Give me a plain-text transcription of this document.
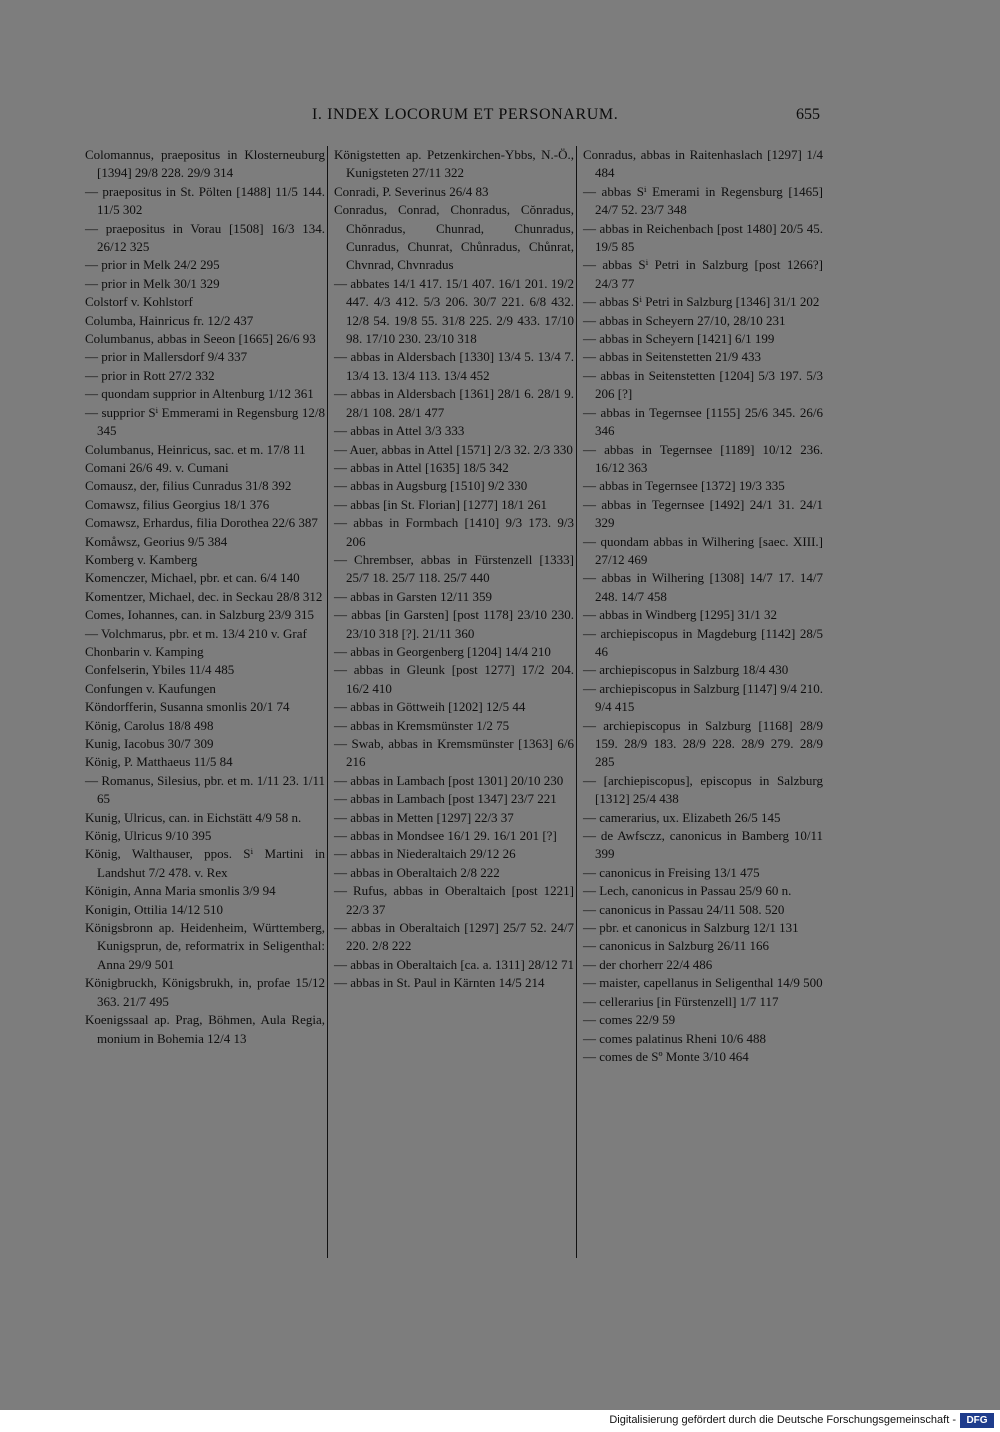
I. INDEX LOCORUM ET PERSONARUM.	655

Colomannus, praepositus in Klosterneuburg [1394] 29/8 228. 29/9 314

— praepositus in St. Pölten [1488] 11/5 144. 11/5 302

— praepositus in Vorau [1508] 16/3 134. 26/12 325

— prior in Melk 24/2 295

— prior in Melk 30/1 329

Colstorf v. Kohlstorf

Columba, Hainricus fr. 12/2 437

Columbanus, abbas in Seeon [1665] 26/6 93

— prior in Mallersdorf 9/4 337

— prior in Rott 27/2 332

— quondam supprior in Altenburg 1/12 361

— supprior Sⁱ Emmerami in Regensburg 12/8 345

Columbanus, Heinricus, sac. et m. 17/8 11

Comani 26/6 49. v. Cumani

Comausz, der, filius Cunradus 31/8 392

Comawsz, filius Georgius 18/1 376

Comawsz, Erhardus, filia Dorothea 22/6 387

Komåwsz, Georius 9/5 384

Komberg v. Kamberg

Komenczer, Michael, pbr. et can. 6/4 140

Komentzer, Michael, dec. in Seckau 28/8 312

Comes, Iohannes, can. in Salzburg 23/9 315

— Volchmarus, pbr. et m. 13/4 210 v. Graf

Chonbarin v. Kamping

Confelserin, Ybiles 11/4 485

Confungen v. Kaufungen

Köndorfferin, Susanna smonlis 20/1 74

König, Carolus 18/8 498

Kunig, Iacobus 30/7 309

König, P. Matthaeus 11/5 84

— Romanus, Silesius, pbr. et m. 1/11 23. 1/11 65

Kunig, Ulricus, can. in Eichstätt 4/9 58 n.

König, Ulricus 9/10 395

König, Walthauser, ppos. Sⁱ Martini in Landshut 7/2 478. v. Rex

Königin, Anna Maria smonlis 3/9 94

Konigin, Ottilia 14/12 510

Königsbronn ap. Heidenheim, Württemberg, Kunigsprun, de, reformatrix in Seligenthal: Anna 29/9 501

Königbruckh, Königsbrukh, in, profae 15/12 363. 21/7 495

Koenigssaal ap. Prag, Böhmen, Aula Regia, monium in Bohemia 12/4 13

Königstetten ap. Petzenkirchen-Ybbs, N.-Ö., Kunigsteten 27/11 322

Conradi, P. Severinus 26/4 83

Conradus, Conrad, Chonradus, Cŏnradus, Chŏnradus, Chunrad, Chunradus, Cunradus, Chunrat, Chůnradus, Chůnrat, Chvnrad, Chvnradus

— abbates 14/1 417. 15/1 407. 16/1 201. 19/2 447. 4/3 412. 5/3 206. 30/7 221. 6/8 432. 12/8 54. 19/8 55. 31/8 225. 2/9 433. 17/10 98. 17/10 230. 23/10 318

— abbas in Aldersbach [1330] 13/4 5. 13/4 7. 13/4 13. 13/4 113. 13/4 452

— abbas in Aldersbach [1361] 28/1 6. 28/1 9. 28/1 108. 28/1 477

— abbas in Attel 3/3 333

— Auer, abbas in Attel [1571] 2/3 32. 2/3 330

— abbas in Attel [1635] 18/5 342

— abbas in Augsburg [1510] 9/2 330

— abbas [in St. Florian] [1277] 18/1 261

— abbas in Formbach [1410] 9/3 173. 9/3 206

— Chrembser, abbas in Fürstenzell [1333] 25/7 18. 25/7 118. 25/7 440

— abbas in Garsten 12/11 359

— abbas [in Garsten] [post 1178] 23/10 230. 23/10 318 [?]. 21/11 360

— abbas in Georgenberg [1204] 14/4 210

— abbas in Gleunk [post 1277] 17/2 204. 16/2 410

— abbas in Göttweih [1202] 12/5 44

— abbas in Kremsmünster 1/2 75

— Swab, abbas in Kremsmünster [1363] 6/6 216

— abbas in Lambach [post 1301] 20/10 230

— abbas in Lambach [post 1347] 23/7 221

— abbas in Metten [1297] 22/3 37

— abbas in Mondsee 16/1 29. 16/1 201 [?]

— abbas in Niederaltaich 29/12 26

— abbas in Oberaltaich 2/8 222

— Rufus, abbas in Oberaltaich [post 1221] 22/3 37

— abbas in Oberaltaich [1297] 25/7 52. 24/7 220. 2/8 222

— abbas in Oberaltaich [ca. a. 1311] 28/12 71

— abbas in St. Paul in Kärnten 14/5 214

Conradus, abbas in Raitenhaslach [1297] 1/4 484

— abbas Sⁱ Emerami in Regensburg [1465] 24/7 52. 23/7 348

— abbas in Reichenbach [post 1480] 20/5 45. 19/5 85

— abbas Sⁱ Petri in Salzburg [post 1266?] 24/3 77

— abbas Sⁱ Petri in Salzburg [1346] 31/1 202

— abbas in Scheyern 27/10, 28/10 231

— abbas in Scheyern [1421] 6/1 199

— abbas in Seitenstetten 21/9 433

— abbas in Seitenstetten [1204] 5/3 197. 5/3 206 [?]

— abbas in Tegernsee [1155] 25/6 345. 26/6 346

— abbas in Tegernsee [1189] 10/12 236. 16/12 363

— abbas in Tegernsee [1372] 19/3 335

— abbas in Tegernsee [1492] 24/1 31. 24/1 329

— quondam abbas in Wilhering [saec. XIII.] 27/12 469

— abbas in Wilhering [1308] 14/7 17. 14/7 248. 14/7 458

— abbas in Windberg [1295] 31/1 32

— archiepiscopus in Magdeburg [1142] 28/5 46

— archiepiscopus in Salzburg 18/4 430

— archiepiscopus in Salzburg [1147] 9/4 210. 9/4 415

— archiepiscopus in Salzburg [1168] 28/9 159. 28/9 183. 28/9 228. 28/9 279. 28/9 285

— [archiepiscopus], episcopus in Salzburg [1312] 25/4 438

— camerarius, ux. Elizabeth 26/5 145

— de Awfsczz, canonicus in Bamberg 10/11 399

— canonicus in Freising 13/1 475

— Lech, canonicus in Passau 25/9 60 n.

— canonicus in Passau 24/11 508. 520

— pbr. et canonicus in Salzburg 12/1 131

— canonicus in Salzburg 26/11 166

— der chorherr 22/4 486

— maister, capellanus in Seligenthal 14/9 500

— cellerarius [in Fürstenzell] 1/7 117

— comes 22/9 59

— comes palatinus Rheni 10/6 488

— comes de Sº Monte 3/10 464

Digitalisierung gefördert durch die Deutsche Forschungsgemeinschaft -	DFG
